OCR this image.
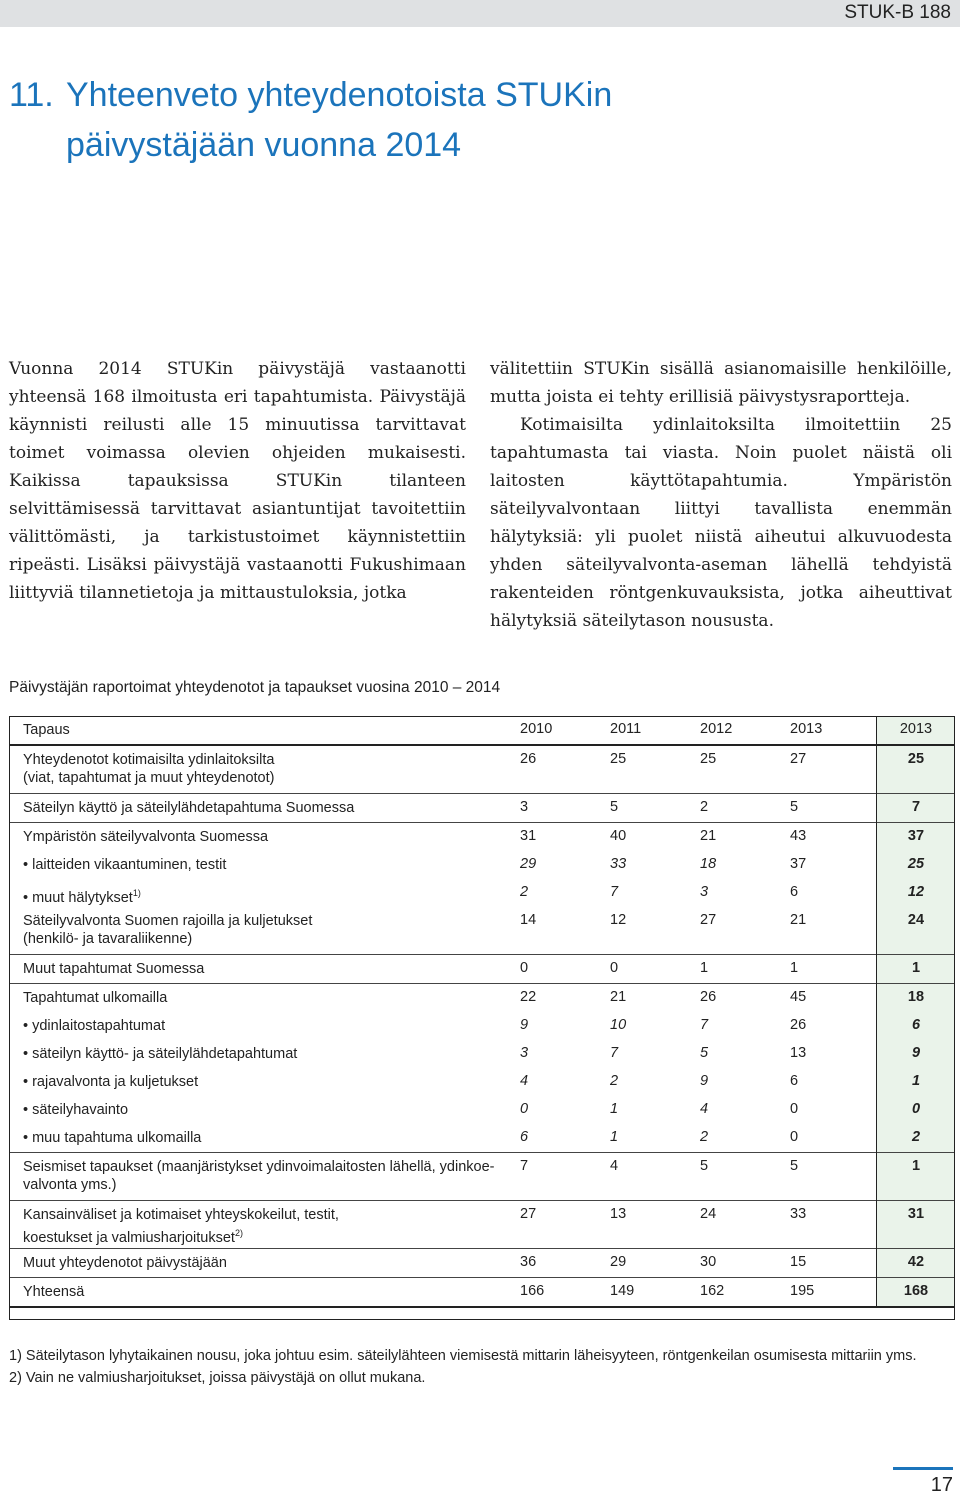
STUK-B 188
11. Yhteenveto yhteydenotoista STUKin
päivystäjään vuonna 2014

Vuonna 2014 STUKin päivystäjä vastaanotti yhteensä 168 ilmoitusta eri tapahtumista. Päivystäjä käynnisti reilusti alle 15 minuutissa tarvittavat toimet voimassa olevien ohjeiden mukaisesti. Kaikissa tapauksissa STUKin tilanteen selvittämisessä tarvittavat asiantuntijat tavoitettiin välittömästi, ja tarkistustoimet käynnistettiin ripeästi. Lisäksi päivystäjä vastaanotti Fukushimaan liittyviä tilannetietoja ja mittaustuloksia, jotka

välitettiin STUKin sisällä asianomaisille henkilöille, mutta joista ei tehty erillisiä päivystysraportteja.

Kotimaisilta ydinlaitoksilta ilmoitettiin 25 tapahtumasta tai viasta. Noin puolet näistä oli laitosten käyttötapahtumia. Ympäristön säteilyvalvontaan liittyi tavallista enemmän hälytyksiä: yli puolet niistä aiheutui alkuvuodesta yhden säteilyvalvonta-aseman lähellä tehdyistä rakenteiden röntgenkuvauksista, jotka aiheuttivat hälytyksiä säteilytason noususta.

Päivystäjän raportoimat yhteydenotot ja tapaukset vuosina 2010 – 2014
Tapaus	2010	2011	2012	2013	2013
Yhteydenotot kotimaisilta ydinlaitoksilta
(viat, tapahtumat ja muut yhteydenotot)	26	25	25	27	25
Säteilyn käyttö ja säteilylähdetapahtuma Suomessa	3	5	2	5	7
Ympäristön säteilyvalvonta Suomessa	31	40	21	43	37
• laitteiden vikaantuminen, testit	29	33	18	37	25
• muut hälytykset$^{1)}$	2	7	3	6	12
Säteilyvalvonta Suomen rajoilla ja kuljetukset
(henkilö- ja tavaraliikenne)	14	12	27	21	24
Muut tapahtumat Suomessa	0	0	1	1	1
Tapahtumat ulkomailla	22	21	26	45	18
• ydinlaitostapahtumat	9	10	7	26	6
• säteilyn käyttö- ja säteilylähdetapahtumat	3	7	5	13	9
• rajavalvonta ja kuljetukset	4	2	9	6	1
• säteilyhavainto	0	1	4	0	0
• muu tapahtuma ulkomailla	6	1	2	0	2
Seismiset tapaukset (maanjäristykset ydinvoimalaitosten lähellä, ydinkoe-
valvonta yms.)	7	4	5	5	1
Kansainväliset ja kotimaiset yhteyskokeilut, testit,
koestukset ja valmiusharjoitukset$^{2)}$	27	13	24	33	31
Muut yhteydenotot päivystäjään	36	29	30	15	42
Yhteensä	166	149	162	195	168

1) Säteilytason lyhytaikainen nousu, joka johtuu esim. säteilylähteen viemisestä mittarin läheisyyteen, röntgenkeilan osumisesta mittariin yms.

2) Vain ne valmiusharjoitukset, joissa päivystäjä on ollut mukana.

17
